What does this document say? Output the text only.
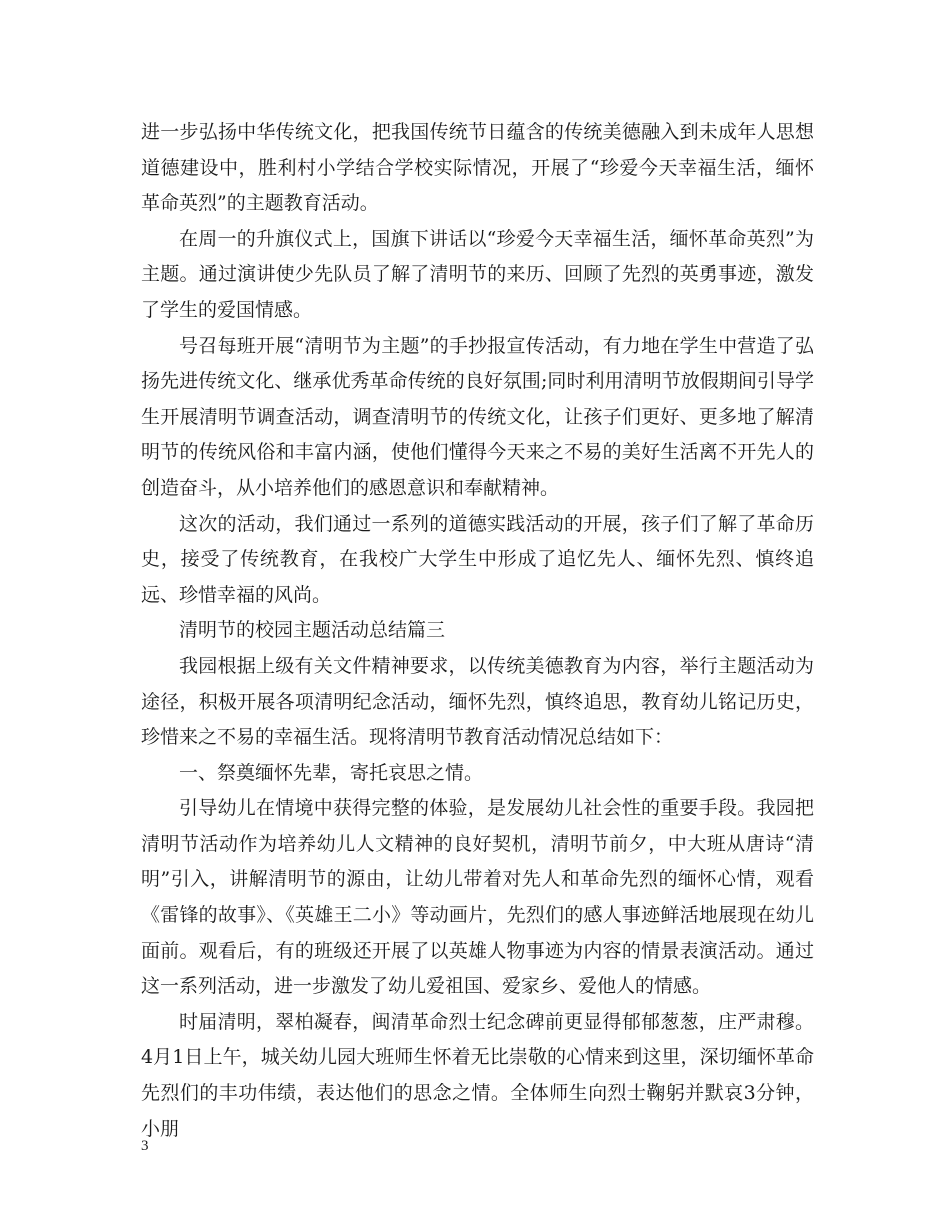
进一步弘扬中华传统文化，把我国传统节日蕴含的传统美德融入到未成年人思想道德建设中，胜利村小学结合学校实际情况，开展了“珍爱今天幸福生活，缅怀革命英烈”的主题教育活动。

在周一的升旗仪式上，国旗下讲话以“珍爱今天幸福生活，缅怀革命英烈”为主题。通过演讲使少先队员了解了清明节的来历、回顾了先烈的英勇事迹，激发了学生的爱国情感。

号召每班开展“清明节为主题”的手抄报宣传活动，有力地在学生中营造了弘扬先进传统文化、继承优秀革命传统的良好氛围;同时利用清明节放假期间引导学生开展清明节调查活动，调查清明节的传统文化，让孩子们更好、更多地了解清明节的传统风俗和丰富内涵，使他们懂得今天来之不易的美好生活离不开先人的创造奋斗，从小培养他们的感恩意识和奉献精神。

这次的活动，我们通过一系列的道德实践活动的开展，孩子们了解了革命历史，接受了传统教育，在我校广大学生中形成了追忆先人、缅怀先烈、慎终追远、珍惜幸福的风尚。

清明节的校园主题活动总结篇三

我园根据上级有关文件精神要求，以传统美德教育为内容，举行主题活动为途径，积极开展各项清明纪念活动，缅怀先烈，慎终追思，教育幼儿铭记历史，珍惜来之不易的幸福生活。现将清明节教育活动情况总结如下：

一、祭奠缅怀先辈，寄托哀思之情。

引导幼儿在情境中获得完整的体验，是发展幼儿社会性的重要手段。我园把清明节活动作为培养幼儿人文精神的良好契机，清明节前夕，中大班从唐诗“清明”引入，讲解清明节的源由，让幼儿带着对先人和革命先烈的缅怀心情，观看《雷锋的故事》、《英雄王二小》等动画片，先烈们的感人事迹鲜活地展现在幼儿面前。观看后，有的班级还开展了以英雄人物事迹为内容的情景表演活动。通过这一系列活动，进一步激发了幼儿爱祖国、爱家乡、爱他人的情感。

时届清明，翠柏凝春，闽清革命烈士纪念碑前更显得郁郁葱葱，庄严肃穆。4月1日上午，城关幼儿园大班师生怀着无比崇敬的心情来到这里，深切缅怀革命先烈们的丰功伟绩，表达他们的思念之情。全体师生向烈士鞠躬并默哀3分钟，小朋

3
